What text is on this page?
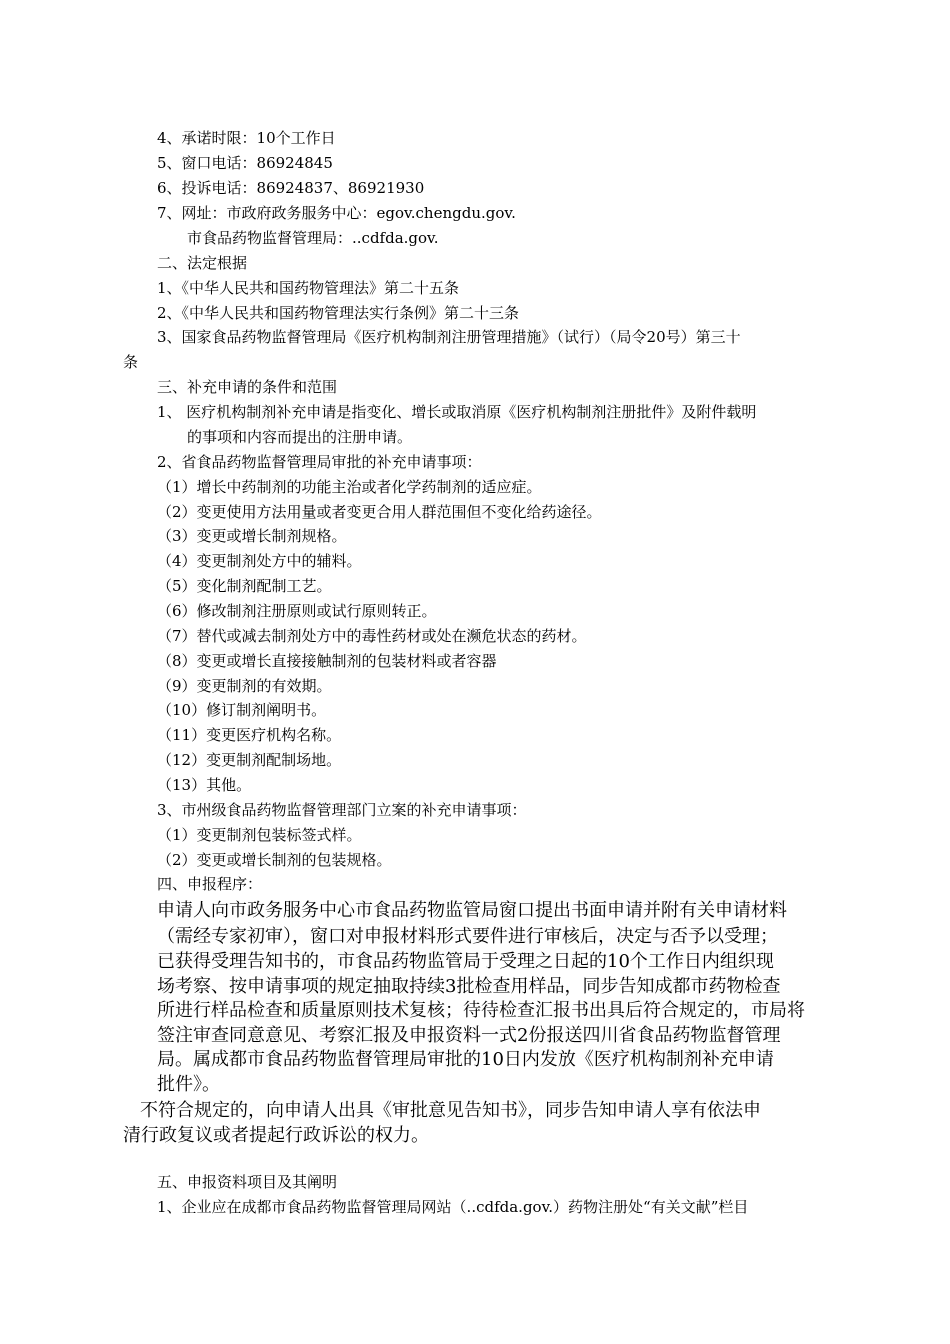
4、承诺时限：10个工作日
5、窗口电话：86924845
6、投诉电话：86924837、86921930
7、网址：市政府政务服务中心：egov.chengdu.gov.
市食品药物监督管理局：..cdfda.gov.
二、法定根据
1、《中华人民共和国药物管理法》第二十五条
2、《中华人民共和国药物管理法实行条例》第二十三条
3、国家食品药物监督管理局《医疗机构制剂注册管理措施》（试行）（局令20号）第三十
条
三、补充申请的条件和范围
1、 医疗机构制剂补充申请是指变化、增长或取消原《医疗机构制剂注册批件》及附件载明
的事项和内容而提出的注册申请。
2、省食品药物监督管理局审批的补充申请事项：
（1）增长中药制剂的功能主治或者化学药制剂的适应症。
（2）变更使用方法用量或者变更合用人群范围但不变化给药途径。
（3）变更或增长制剂规格。
（4）变更制剂处方中的辅料。
（5）变化制剂配制工艺。
（6）修改制剂注册原则或试行原则转正。
（7）替代或减去制剂处方中的毒性药材或处在濒危状态的药材。
（8）变更或增长直接接触制剂的包装材料或者容器
（9）变更制剂的有效期。
（10）修订制剂阐明书。
（11）变更医疗机构名称。
（12）变更制剂配制场地。
（13）其他。
3、市州级食品药物监督管理部门立案的补充申请事项：
（1）变更制剂包装标签式样。
（2）变更或增长制剂的包装规格。
四、申报程序：
申请人向市政务服务中心市食品药物监管局窗口提出书面申请并附有关申请材料
（需经专家初审），窗口对申报材料形式要件进行审核后，决定与否予以受理；
已获得受理告知书的，市食品药物监管局于受理之日起的10个工作日内组织现
场考察、按申请事项的规定抽取持续3批检查用样品，同步告知成都市药物检查
所进行样品检查和质量原则技术复核；待待检查汇报书出具后符合规定的，市局将
签注审查同意意见、考察汇报及申报资料一式2份报送四川省食品药物监督管理
局。属成都市食品药物监督管理局审批的10日内发放《医疗机构制剂补充申请
批件》。
不符合规定的，向申请人出具《审批意见告知书》，同步告知申请人享有依法申
清行政复议或者提起行政诉讼的权力。
五、申报资料项目及其阐明
1、企业应在成都市食品药物监督管理局网站（..cdfda.gov.）药物注册处“有关文献”栏目
